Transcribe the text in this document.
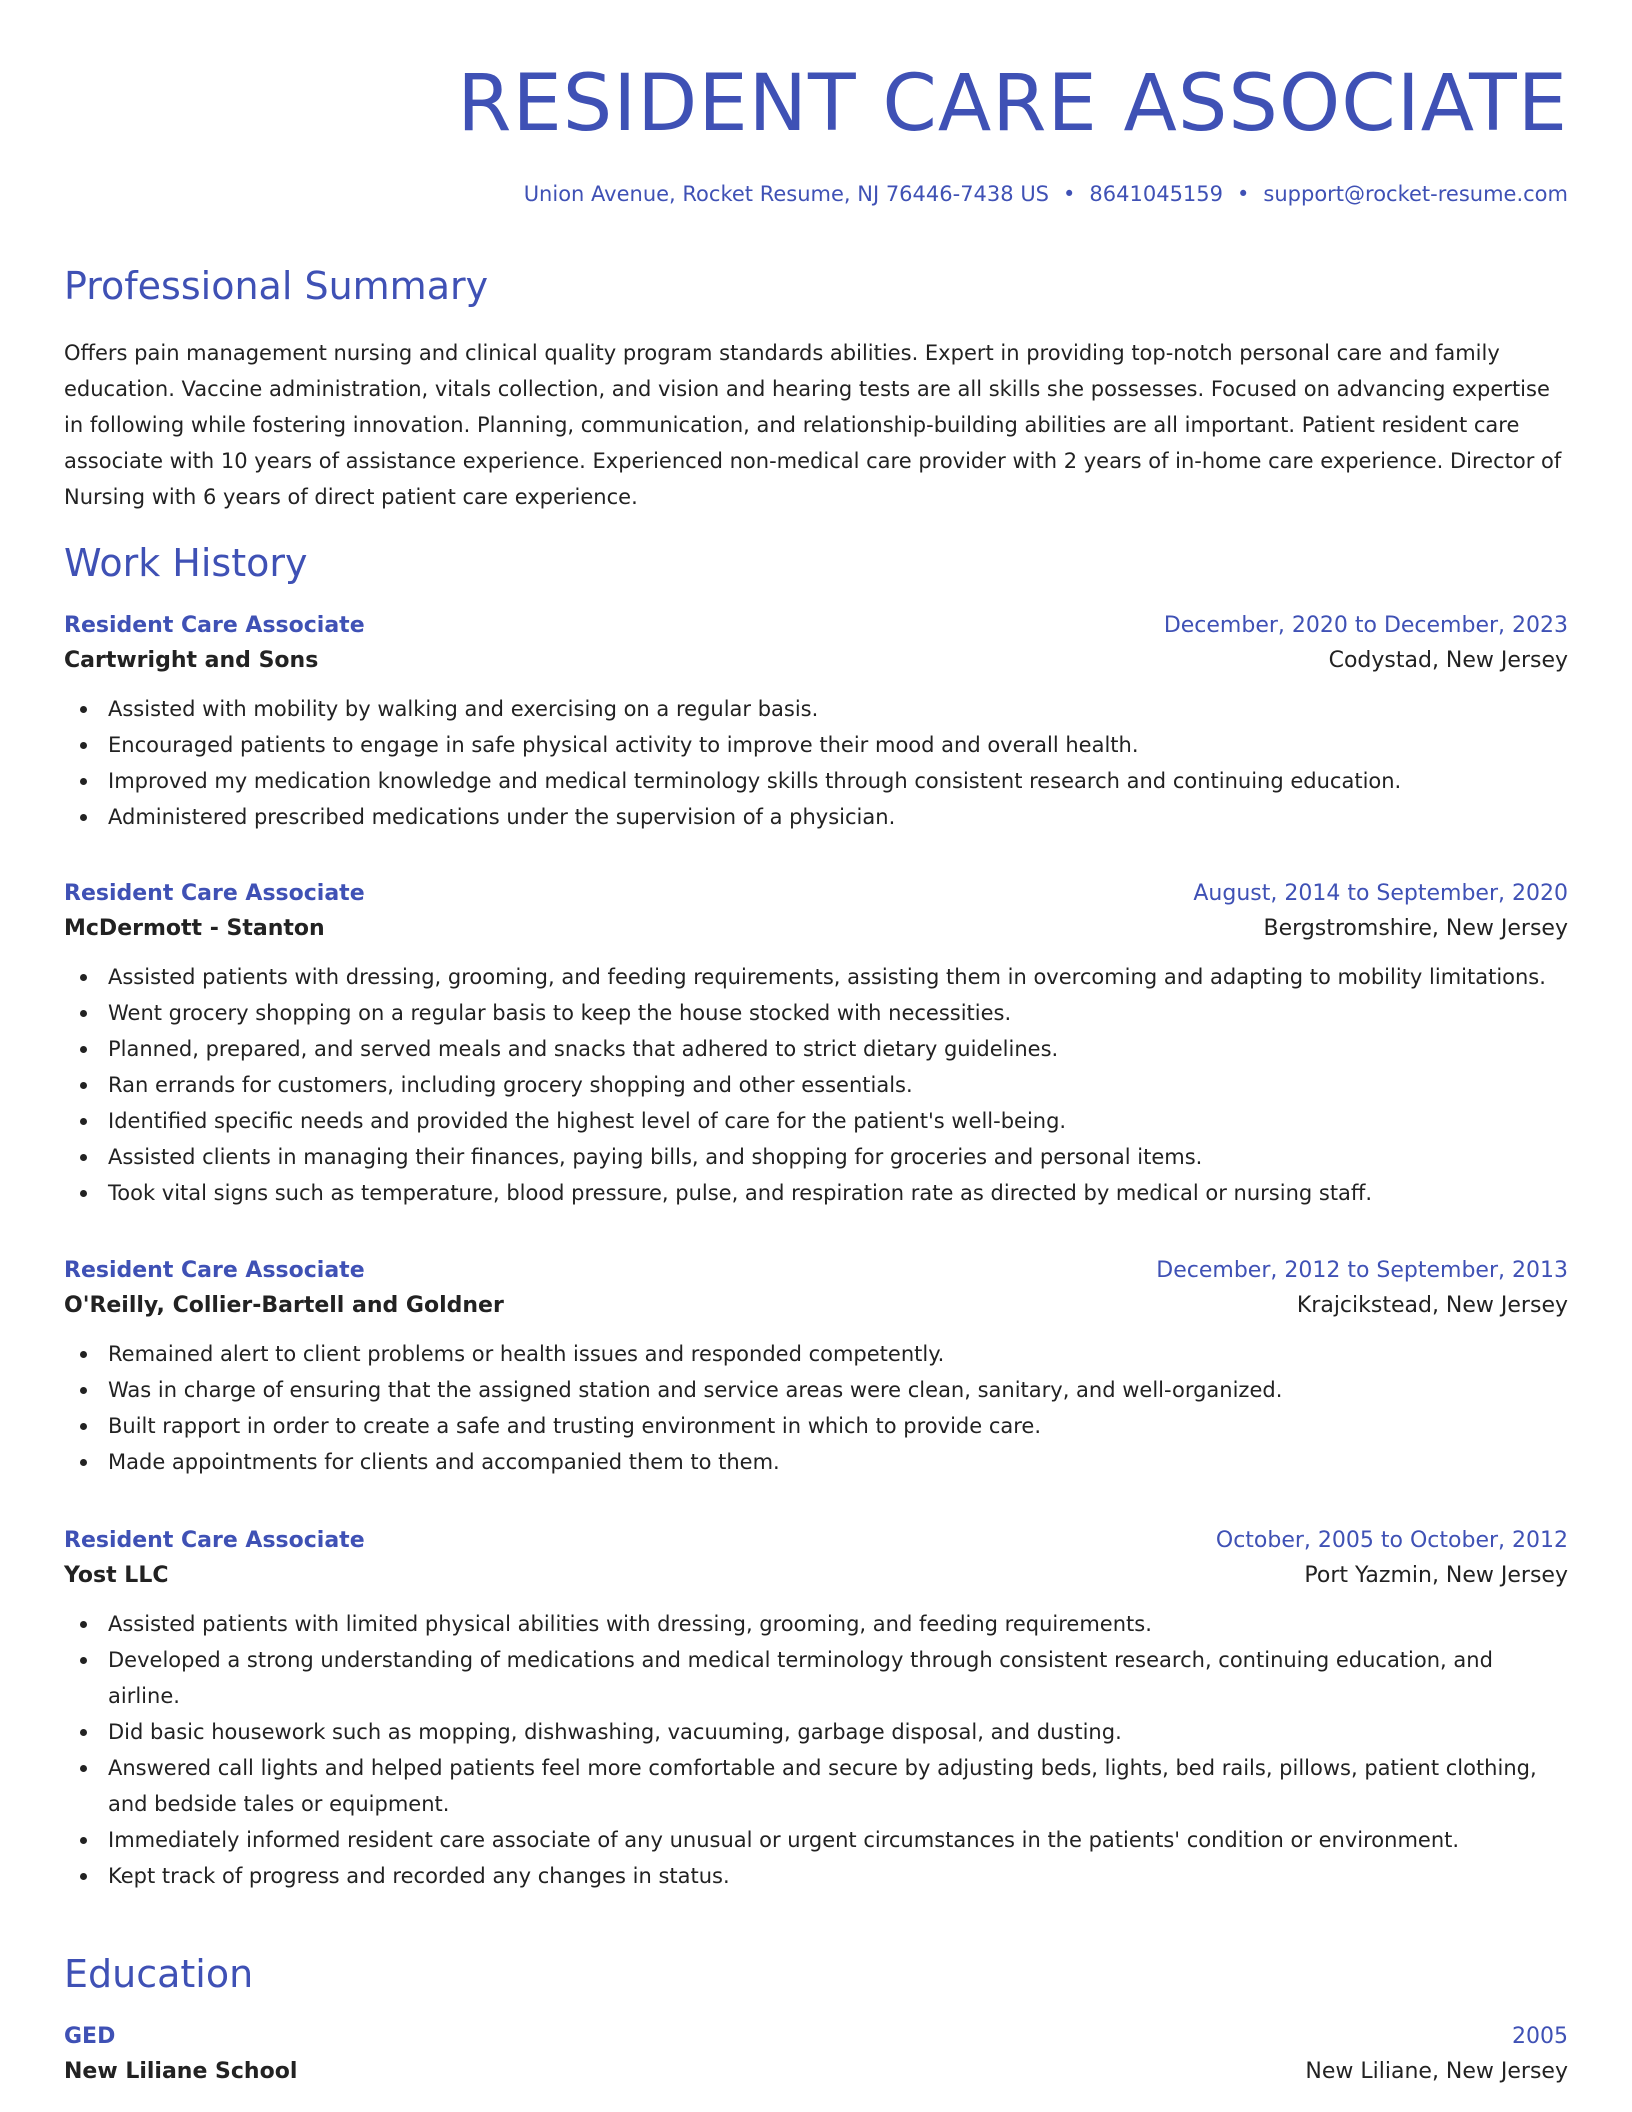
RESIDENT CARE ASSOCIATE
Union Avenue, Rocket Resume, NJ 76446-7438 US • 8641045159 • support@rocket-resume.com
Professional Summary

Offers pain management nursing and clinical quality program standards abilities. Expert in providing top-notch personal care and family education. Vaccine administration, vitals collection, and vision and hearing tests are all skills she possesses. Focused on advancing expertise in following while fostering innovation. Planning, communication, and relationship-building abilities are all important. Patient resident care associate with 10 years of assistance experience. Experienced non-medical care provider with 2 years of in-home care experience. Director of Nursing with 6 years of direct patient care experience.

Work History
Resident Care Associate	December, 2020 to December, 2023
Cartwright and Sons	Codystad, New Jersey
Assisted with mobility by walking and exercising on a regular basis.
Encouraged patients to engage in safe physical activity to improve their mood and overall health.
Improved my medication knowledge and medical terminology skills through consistent research and continuing education.
Administered prescribed medications under the supervision of a physician.
Resident Care Associate	August, 2014 to September, 2020
McDermott - Stanton	Bergstromshire, New Jersey
Assisted patients with dressing, grooming, and feeding requirements, assisting them in overcoming and adapting to mobility limitations.
Went grocery shopping on a regular basis to keep the house stocked with necessities.
Planned, prepared, and served meals and snacks that adhered to strict dietary guidelines.
Ran errands for customers, including grocery shopping and other essentials.
Identified specific needs and provided the highest level of care for the patient's well-being.
Assisted clients in managing their finances, paying bills, and shopping for groceries and personal items.
Took vital signs such as temperature, blood pressure, pulse, and respiration rate as directed by medical or nursing staff.
Resident Care Associate	December, 2012 to September, 2013
O'Reilly, Collier-Bartell and Goldner	Krajcikstead, New Jersey
Remained alert to client problems or health issues and responded competently.
Was in charge of ensuring that the assigned station and service areas were clean, sanitary, and well-organized.
Built rapport in order to create a safe and trusting environment in which to provide care.
Made appointments for clients and accompanied them to them.
Resident Care Associate	October, 2005 to October, 2012
Yost LLC	Port Yazmin, New Jersey
Assisted patients with limited physical abilities with dressing, grooming, and feeding requirements.
Developed a strong understanding of medications and medical terminology through consistent research, continuing education, and airline.
Did basic housework such as mopping, dishwashing, vacuuming, garbage disposal, and dusting.
Answered call lights and helped patients feel more comfortable and secure by adjusting beds, lights, bed rails, pillows, patient clothing, and bedside tales or equipment.
Immediately informed resident care associate of any unusual or urgent circumstances in the patients' condition or environment.
Kept track of progress and recorded any changes in status.
Education
GED	2005
New Liliane School	New Liliane, New Jersey
